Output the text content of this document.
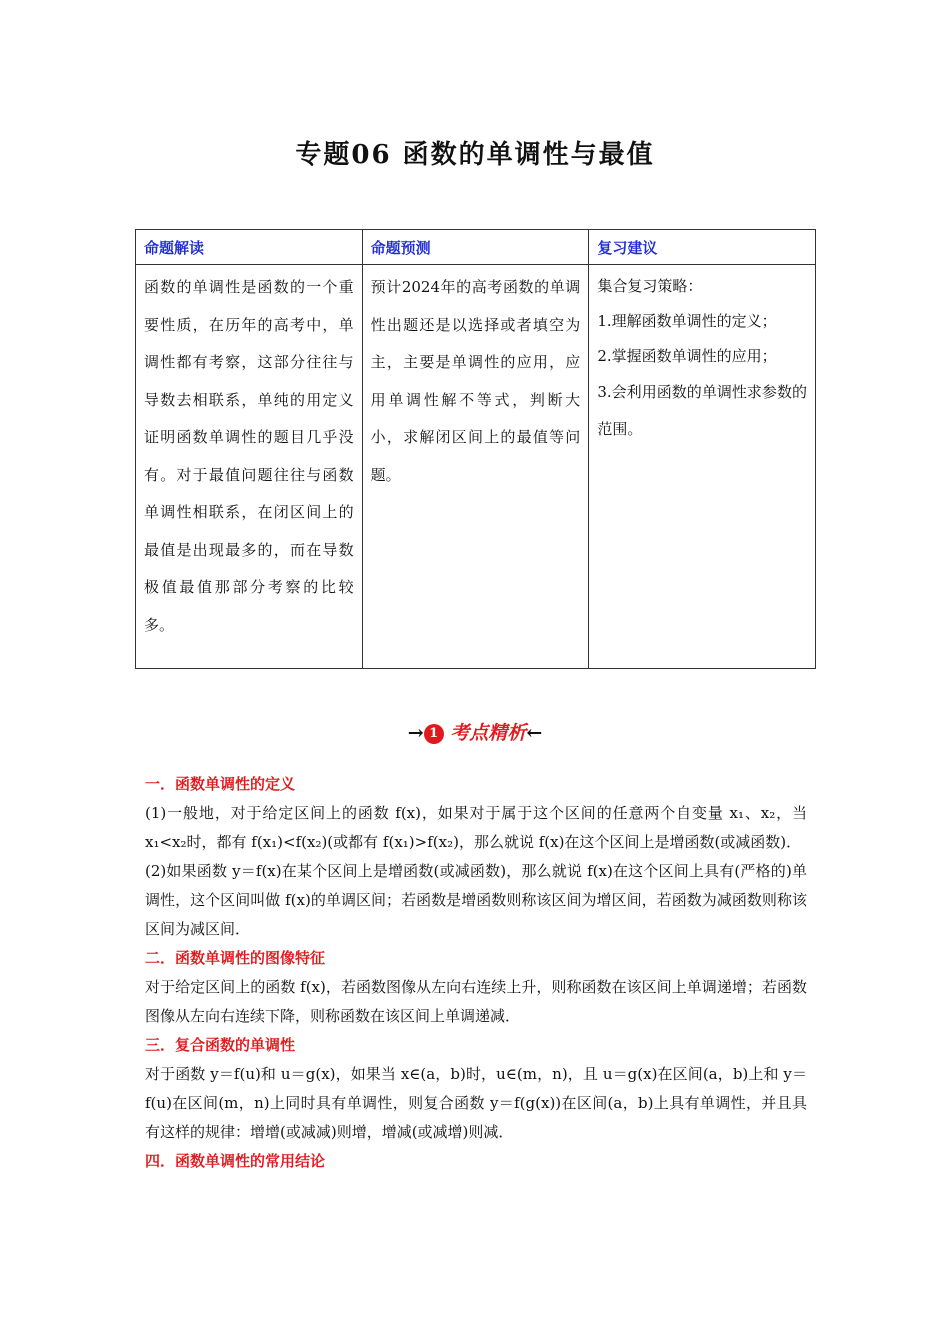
专题06 函数的单调性与最值
命题解读	命题预测	复习建议
函数的单调性是函数的一个重要性质，在历年的高考中，单调性都有考察，这部分往往与导数去相联系，单纯的用定义证明函数单调性的题目几乎没有。对于最值问题往往与函数单调性相联系，在闭区间上的最值是出现最多的，而在导数极值最值那部分考察的比较多。	预计2024年的高考函数的单调性出题还是以选择或者填空为主，主要是单调性的应用，应用单调性解不等式，判断大小，求解闭区间上的最值等问题。	集合复习策略：
1.理解函数单调性的定义；
2.掌握函数单调性的应用；
3.会利用函数的单调性求参数的范围。
→ 1 考点精析←

一．函数单调性的定义

(1)一般地，对于给定区间上的函数 f(x)，如果对于属于这个区间的任意两个自变量 x₁、x₂，当 x₁<x₂时，都有 f(x₁)<f(x₂)(或都有 f(x₁)>f(x₂)，那么就说 f(x)在这个区间上是增函数(或减函数)．

(2)如果函数 y＝f(x)在某个区间上是增函数(或减函数)，那么就说 f(x)在这个区间上具有(严格的)单调性，这个区间叫做 f(x)的单调区间；若函数是增函数则称该区间为增区间，若函数为减函数则称该区间为减区间．

二．函数单调性的图像特征

对于给定区间上的函数 f(x)，若函数图像从左向右连续上升，则称函数在该区间上单调递增；若函数图像从左向右连续下降，则称函数在该区间上单调递减．

三．复合函数的单调性

对于函数 y＝f(u)和 u＝g(x)，如果当 x∈(a，b)时，u∈(m，n)，且 u＝g(x)在区间(a，b)上和 y＝f(u)在区间(m，n)上同时具有单调性，则复合函数 y＝f(g(x))在区间(a，b)上具有单调性，并且具有这样的规律：增增(或减减)则增，增减(或减增)则减．

四．函数单调性的常用结论
